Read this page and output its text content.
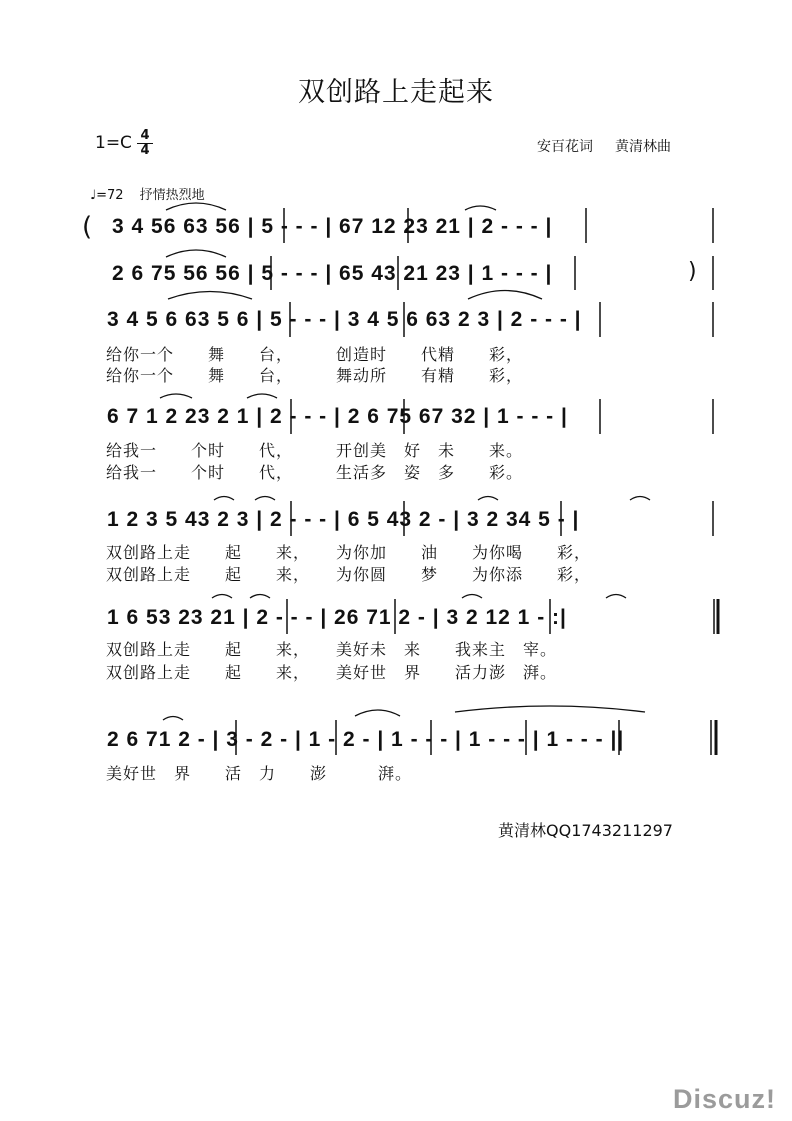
双创路上走起来
1=C 4
4	安百花词 黄清林曲
♩=72 抒情热烈地
(
)
3 4 56 63 56 | 5 - - - | 67 12 23 21 | 2 - - - |
2 6 75 56 56 | 5 - - - | 65 43 21 23 | 1 - - - |
3 4 5 6 63 5 6 | 5 - - - | 3 4 5 6 63 2 3 | 2 - - - |
给你一个　　舞　　台，　　　创造时　　代精　　彩，
给你一个　　舞　　台，　　　舞动所　　有精　　彩，
6 7 1 2 23 2 1 | 2 - - - | 2 6 75 67 32 | 1 - - - |
给我一　　个时　　代，　　　开创美　好　未　　来。
给我一　　个时　　代，　　　生活多　姿　多　　彩。
1 2 3 5 43 2 3 | 2 - - - | 6 5 43 2 - | 3 2 34 5 - |
双创路上走　　起　　来，　　为你加　　油　　为你喝　　彩，
双创路上走　　起　　来，　　为你圆　　梦　　为你添　　彩，
1 6 53 23 21 | 2 - - - | 26 71 2 - | 3 2 12 1 - :|
双创路上走　　起　　来，　　美好未　来　　我来主　宰。
双创路上走　　起　　来，　　美好世　界　　活力澎　湃。
2 6 71 2 - | 3 - 2 - | 1 - 2 - | 1 - - - | 1 - - - | 1 - - - ||
美好世　界　　活　力　　澎　　　湃。
黄清林QQ1743211297
Discuz!
